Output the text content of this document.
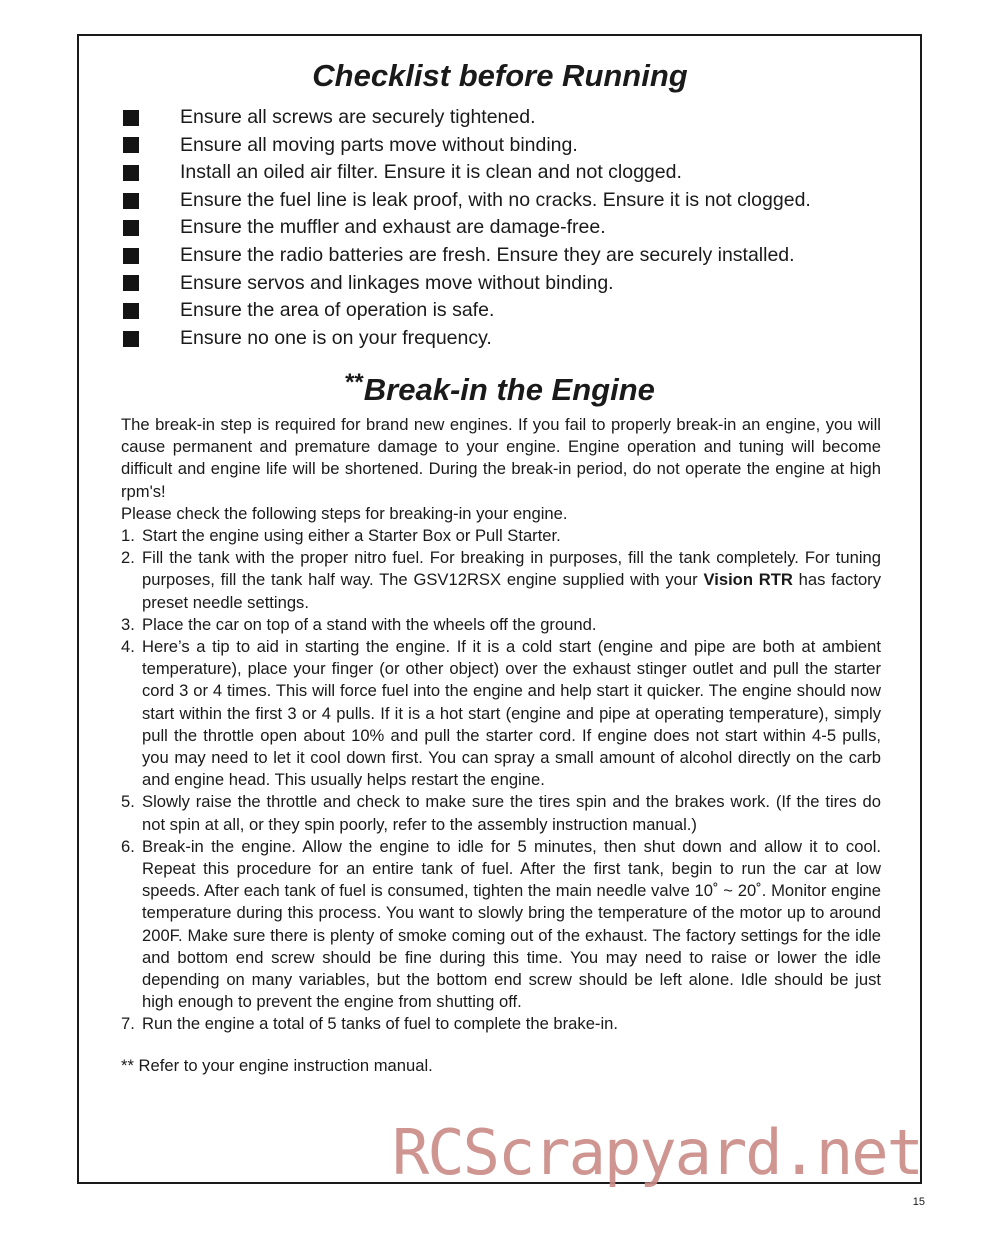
Checklist before Running
Ensure all screws are securely tightened.
Ensure all moving parts move without binding.
Install an oiled air filter. Ensure it is clean and not clogged.
Ensure the fuel line is leak proof, with no cracks. Ensure it is not clogged.
Ensure the muffler and exhaust are damage-free.
Ensure the radio batteries are fresh. Ensure they are securely installed.
Ensure servos and linkages move without binding.
Ensure the area of operation is safe.
Ensure no one is on your frequency.
**Break-in the Engine

The break-in step is required for brand new engines. If you fail to properly break-in an engine, you will cause permanent and premature damage to your engine. Engine operation and tuning will become difficult and engine life will be shortened. During the break-in period, do not operate the engine at high rpm's!

Please check the following steps for breaking-in your engine.

1. Start the engine using either a Starter Box or Pull Starter.
2. Fill the tank with the proper nitro fuel. For breaking in purposes, fill the tank completely. For tuning purposes, fill the tank half way. The GSV12RSX engine supplied with your Vision RTR has factory preset needle settings.
3. Place the car on top of a stand with the wheels off the ground.
4. Here’s a tip to aid in starting the engine. If it is a cold start (engine and pipe are both at ambient temperature), place your finger (or other object) over the exhaust stinger outlet and pull the starter cord 3 or 4 times. This will force fuel into the engine and help start it quicker. The engine should now start within the first 3 or 4 pulls. If it is a hot start (engine and pipe at operating temperature), simply pull the throttle open about 10% and pull the starter cord. If engine does not start within 4-5 pulls, you may need to let it cool down first. You can spray a small amount of alcohol directly on the carb and engine head. This usually helps restart the engine.
5. Slowly raise the throttle and check to make sure the tires spin and the brakes work. (If the tires do not spin at all, or they spin poorly, refer to the assembly instruction manual.)
6. Break-in the engine. Allow the engine to idle for 5 minutes, then shut down and allow it to cool. Repeat this procedure for an entire tank of fuel. After the first tank, begin to run the car at low speeds. After each tank of fuel is consumed, tighten the main needle valve 10˚ ~ 20˚. Monitor engine temperature during this process. You want to slowly bring the temperature of the motor up to around 200F. Make sure there is plenty of smoke coming out of the exhaust. The factory settings for the idle and bottom end screw should be fine during this time. You may need to raise or lower the idle depending on many variables, but the bottom end screw should be left alone. Idle should be just high enough to prevent the engine from shutting off.
7. Run the engine a total of 5 tanks of fuel to complete the brake-in.

** Refer to your engine instruction manual.

RCScrapyard.net
15
